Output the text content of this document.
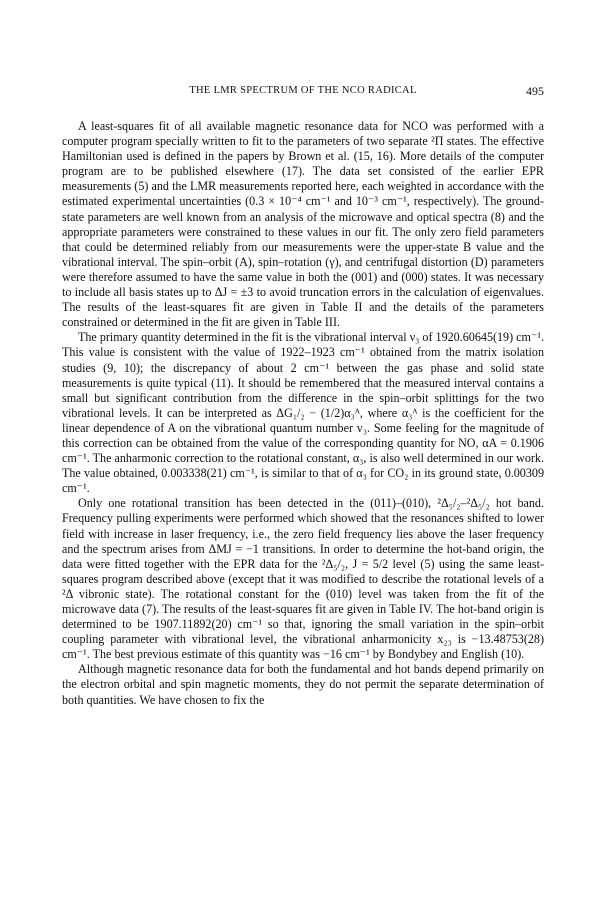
THE LMR SPECTRUM OF THE NCO RADICAL	495

A least-squares fit of all available magnetic resonance data for NCO was performed with a computer program specially written to fit to the parameters of two separate ²Π states. The effective Hamiltonian used is defined in the papers by Brown et al. (15, 16). More details of the computer program are to be published elsewhere (17). The data set consisted of the earlier EPR measurements (5) and the LMR measurements reported here, each weighted in accordance with the estimated experimental uncertainties (0.3 × 10⁻⁴ cm⁻¹ and 10⁻³ cm⁻¹, respectively). The ground-state parameters are well known from an analysis of the microwave and optical spectra (8) and the appropriate parameters were constrained to these values in our fit. The only zero field parameters that could be determined reliably from our measurements were the upper-state B value and the vibrational interval. The spin–orbit (A), spin–rotation (γ), and centrifugal distortion (D) parameters were therefore assumed to have the same value in both the (001) and (000) states. It was necessary to include all basis states up to ΔJ = ±3 to avoid truncation errors in the calculation of eigenvalues. The results of the least-squares fit are given in Table II and the details of the parameters constrained or determined in the fit are given in Table III.

The primary quantity determined in the fit is the vibrational interval ν₃ of 1920.60645(19) cm⁻¹. This value is consistent with the value of 1922–1923 cm⁻¹ obtained from the matrix isolation studies (9, 10); the discrepancy of about 2 cm⁻¹ between the gas phase and solid state measurements is quite typical (11). It should be remembered that the measured interval contains a small but significant contribution from the difference in the spin–orbit splittings for the two vibrational levels. It can be interpreted as ΔG₁/₂ − (1/2)α₃ᴬ, where α₃ᴬ is the coefficient for the linear dependence of A on the vibrational quantum number v₃. Some feeling for the magnitude of this correction can be obtained from the value of the corresponding quantity for NO, αA = 0.1906 cm⁻¹. The anharmonic correction to the rotational constant, α₃, is also well determined in our work. The value obtained, 0.003338(21) cm⁻¹, is similar to that of α₃ for CO₂ in its ground state, 0.00309 cm⁻¹.

Only one rotational transition has been detected in the (011)–(010), ²Δ₅/₂–²Δ₅/₂ hot band. Frequency pulling experiments were performed which showed that the resonances shifted to lower field with increase in laser frequency, i.e., the zero field frequency lies above the laser frequency and the spectrum arises from ΔMJ = −1 transitions. In order to determine the hot-band origin, the data were fitted together with the EPR data for the ²Δ₅/₂, J = 5/2 level (5) using the same least-squares program described above (except that it was modified to describe the rotational levels of a ²Δ vibronic state). The rotational constant for the (010) level was taken from the fit of the microwave data (7). The results of the least-squares fit are given in Table IV. The hot-band origin is determined to be 1907.11892(20) cm⁻¹ so that, ignoring the small variation in the spin–orbit coupling parameter with vibrational level, the vibrational anharmonicity x₂₃ is −13.48753(28) cm⁻¹. The best previous estimate of this quantity was −16 cm⁻¹ by Bondybey and English (10).

Although magnetic resonance data for both the fundamental and hot bands depend primarily on the electron orbital and spin magnetic moments, they do not permit the separate determination of both quantities. We have chosen to fix the
